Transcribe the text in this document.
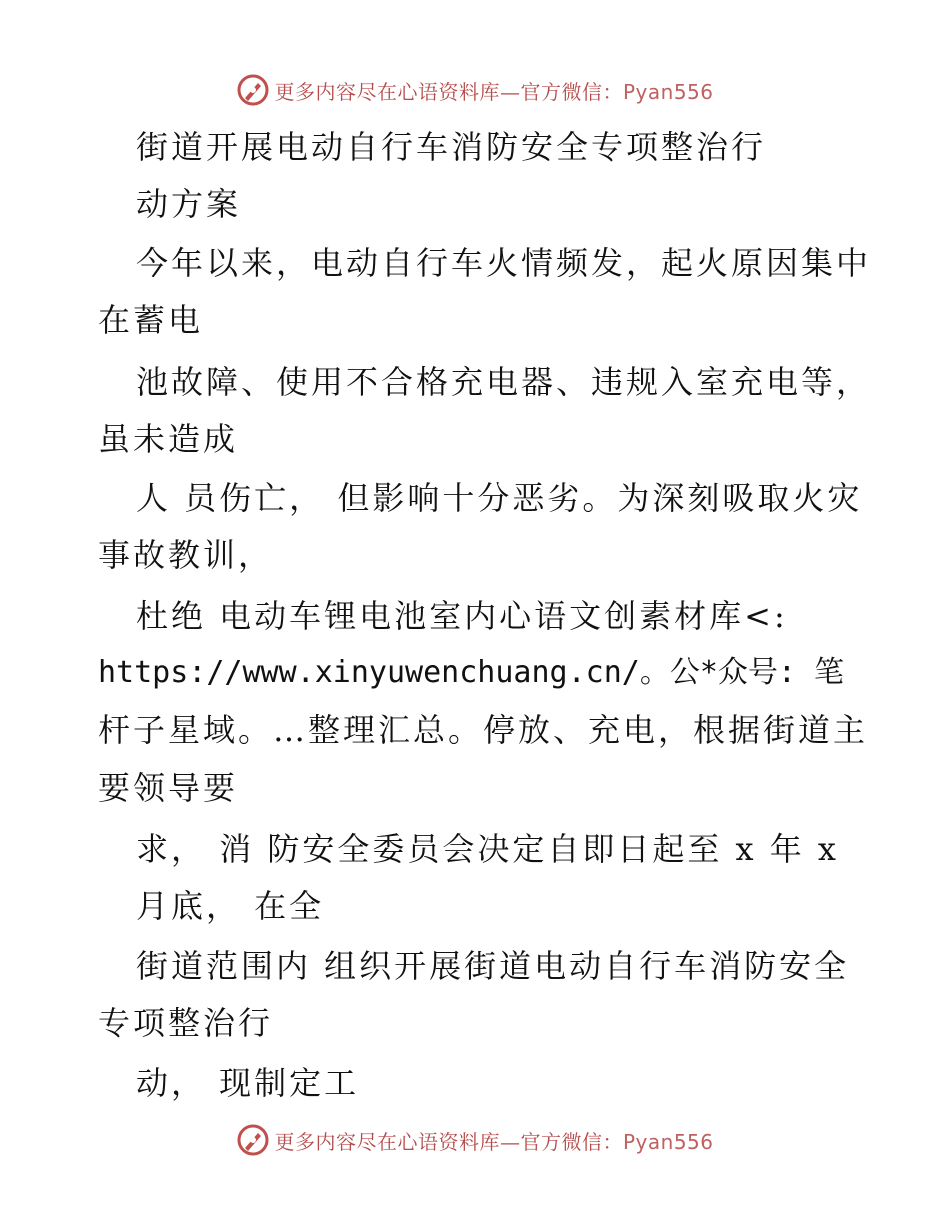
更多内容尽在心语资料库—官方微信：Pyan556
街道开展电动自行车消防安全专项整治行
动方案
今年以来，电动自行车火情频发，起火原因集中
在蓄电
池故障、使用不合格充电器、违规入室充电等，
虽未造成
人 员伤亡， 但影响十分恶劣。为深刻吸取火灾
事故教训，
杜绝 电动车锂电池室内心语文创素材库<:
https://www.xinyuwenchuang.cn/。公*众号: 笔
杆子星域。…整理汇总。停放、充电，根据街道主
要领导要
求， 消 防安全委员会决定自即日起至 x 年 x
月底， 在全
街道范围内 组织开展街道电动自行车消防安全
专项整治行
动， 现制定工
更多内容尽在心语资料库—官方微信：Pyan556
